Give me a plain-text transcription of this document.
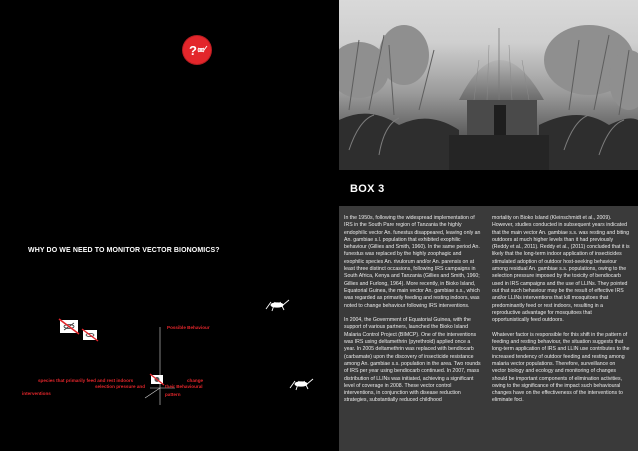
?
BOX 3

In the 1950s, following the widespread implementation of IRS in the South Pare region of Tanzania the highly endophilic vector An. funestus disappeared, leaving only an An. gambiae s.l. population that exhibited exophilic behaviour (Gillies and Smith, 1960). In the same period An. funestus was replaced by the highly zoophagic and exophilic species An. rivulorum and/or An. parensis on at least three distinct occasions, following IRS campaigns in South Africa, Kenya and Tanzania (Gillies and Smith, 1960; Gillies and Furlong, 1964). More recently, in Bioko Island, Equatorial Guinea, the main vector An. gambiae s.s., which was regarded as primarily feeding and resting indoors, was noted to change behaviour following IRS interventions.

In 2004, the Government of Equatorial Guinea, with the support of various partners, launched the Bioko Island Malaria Control Project (BIMCP). One of the interventions was IRS using deltamethrin (pyrethroid) applied once a year. In 2005 deltamethrin was replaced with bendiocarb (carbamate) upon the discovery of insecticide resistance among An. gambiae s.s. population in the area. Two rounds of IRS per year using bendiocarb continued. In 2007, mass distribution of LLINs was initiated, achieving a significant level of coverage in 2008. These vector control interventions, in conjunction with disease reduction strategies, substantially reduced childhood

mortality on Bioko Island (Kleinschmidt et al., 2009). However, studies conducted in subsequent years indicated that the main vector An. gambiae s.s. was resting and biting outdoors at much higher levels than it had previously (Reddy et al., 2011). Reddy et al., (2011) concluded that it is likely that the long-term indoor application of insecticides stimulated adoption of outdoor host-seeking behaviour among residual An. gambiae s.s. populations, owing to the selection pressure imposed by the toxicity of bendiocarb used in IRS campaigns and the use of LLINs. They pointed out that such behaviour may be the result of effective IRS and/or LLINs interventions that kill mosquitoes that predominantly feed or rest indoors, resulting in a reproductive advantage for mosquitoes that opportunistically feed outdoors.

Whatever factor is responsible for this shift in the pattern of feeding and resting behaviour, the situation suggests that long-term application of IRS and LLIN use contributes to the increased tendency of outdoor feeding and resting among malaria vector populations. Therefore, surveillance on vector biology and ecology and monitoring of changes should be important components of elimination activities, owing to the significance of the impact such behavioural changes have on the effectiveness of the interventions to eliminate foci.

WHY DO WE NEED TO MONITOR VECTOR BIONOMICS?
Possible Behaviour
species that primarily feed and rest indoors
selection pressure and
interventions
change
their Behavioural
pattern
